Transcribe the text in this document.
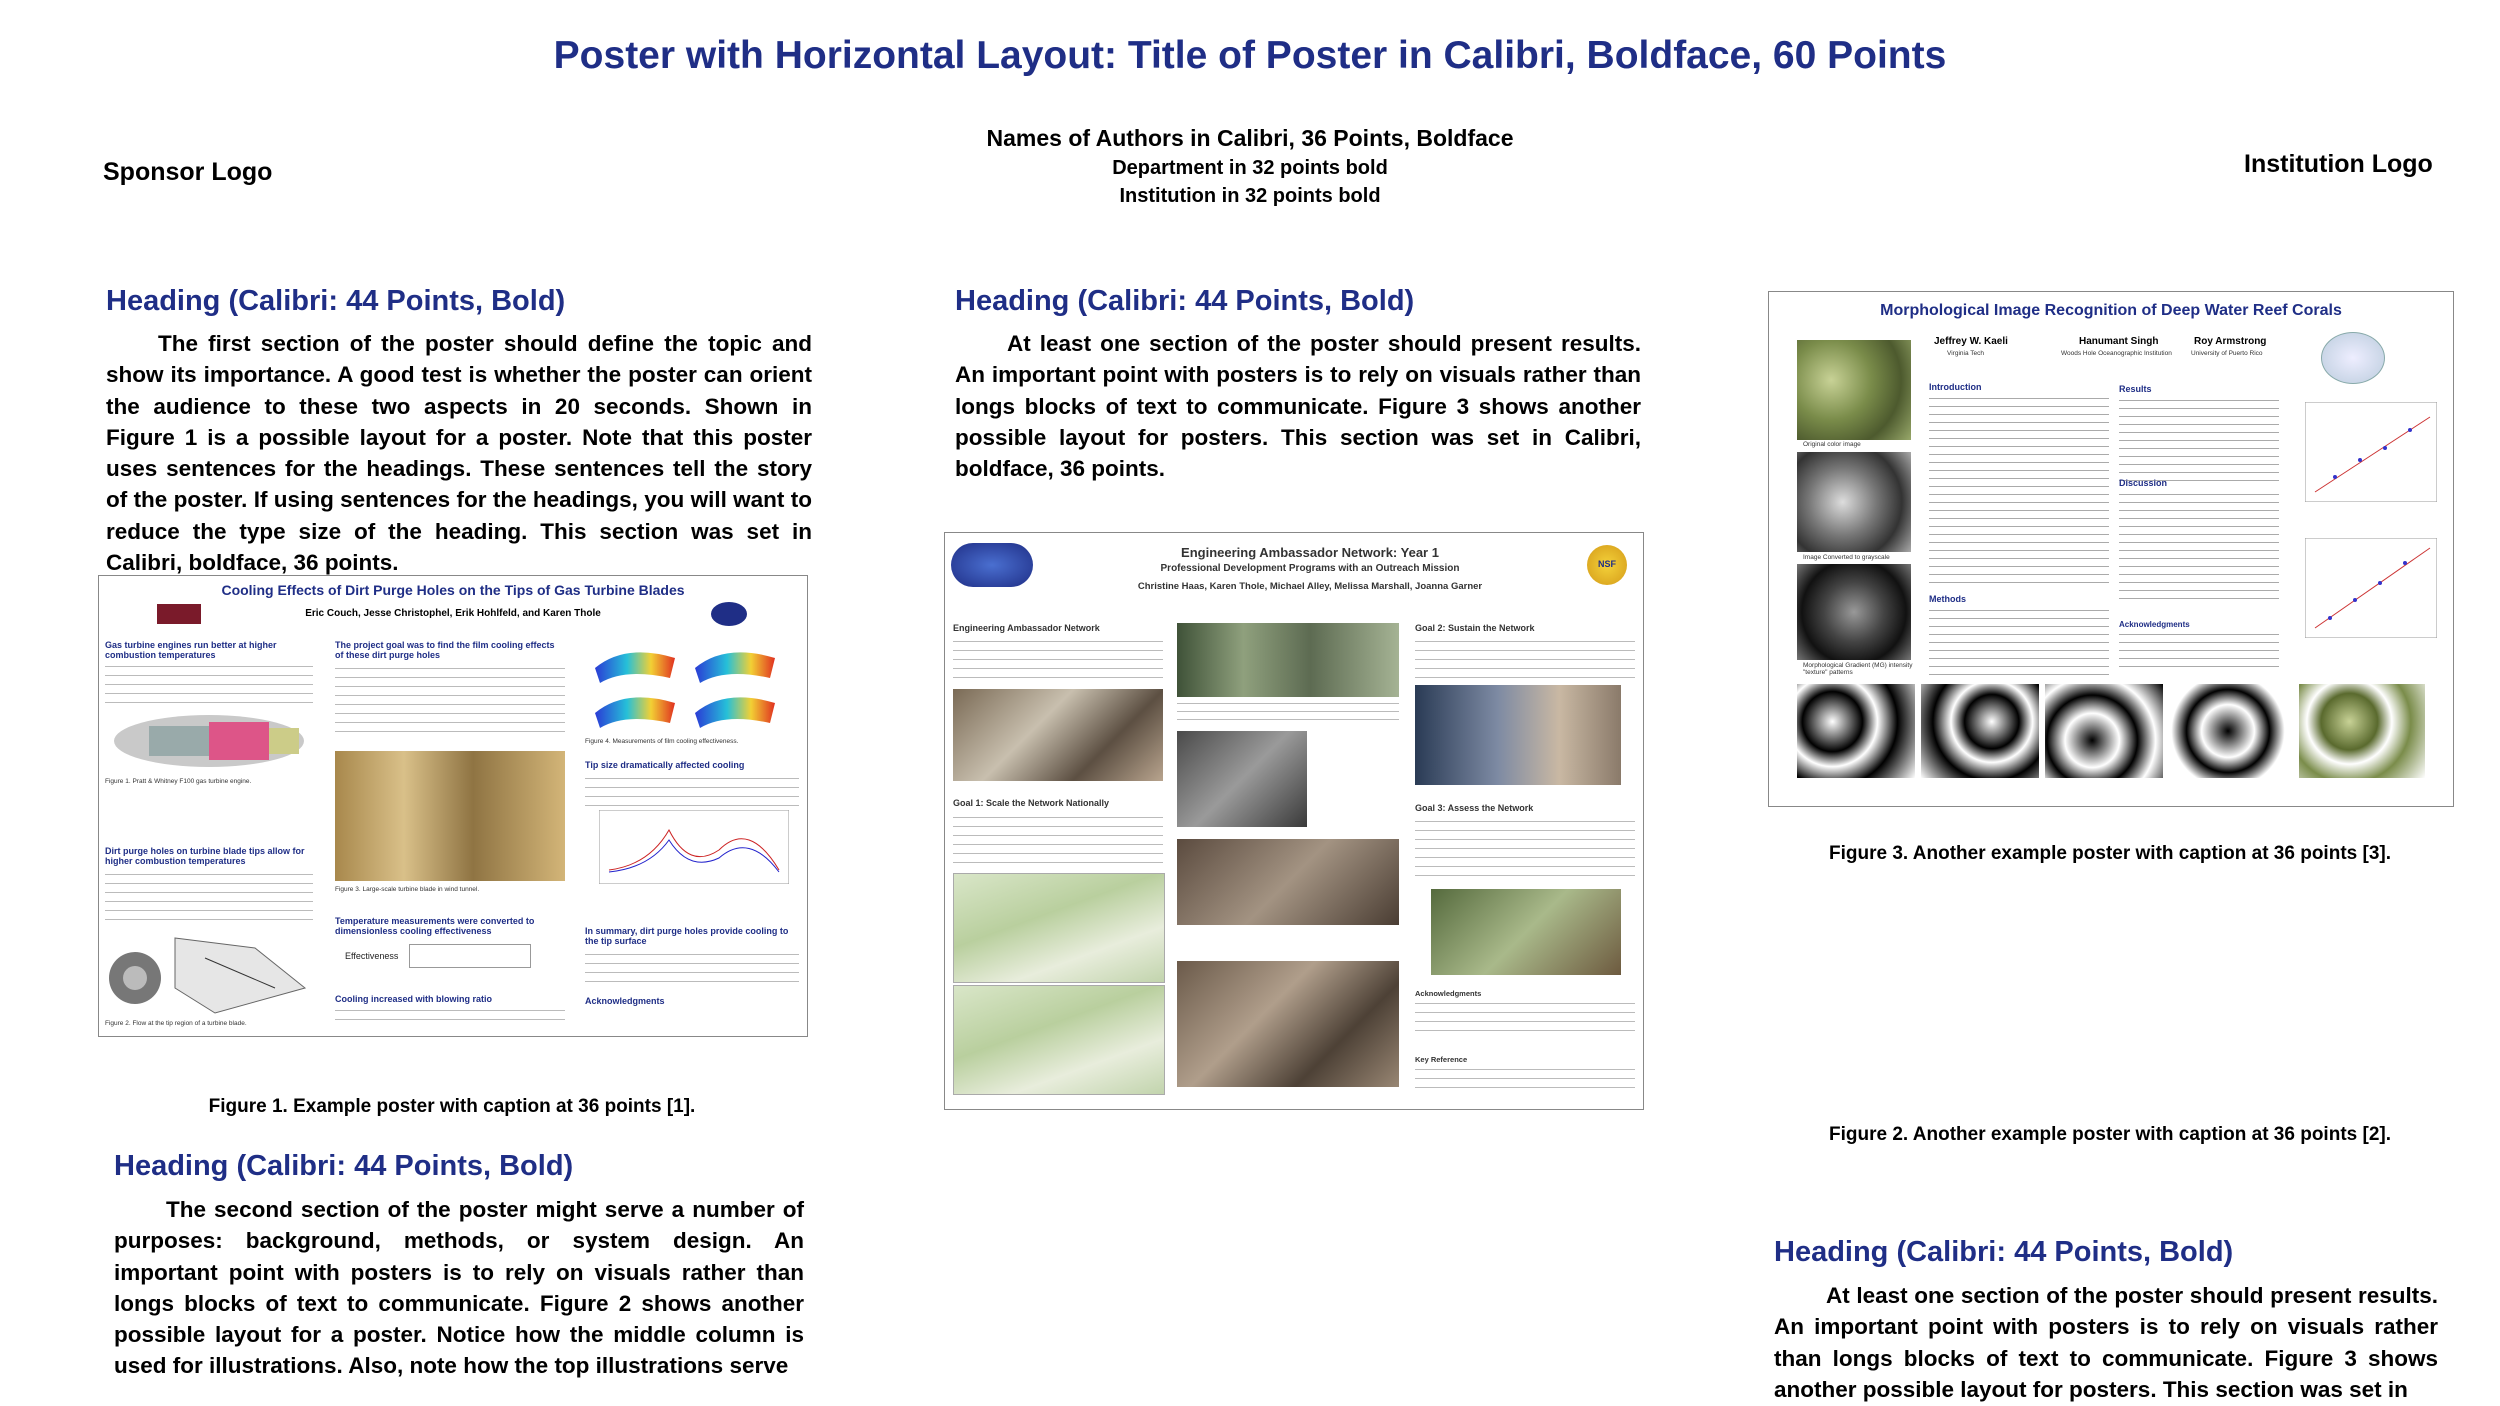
Poster with Horizontal Layout: Title of Poster in Calibri, Boldface, 60 Points
Sponsor Logo	Institution Logo
Names of Authors in Calibri, 36 Points, Boldface
Department in 32 points bold
Institution in 32 points bold
Heading (Calibri: 44 Points, Bold)
The first section of the poster should define the topic and show its importance. A good test is whether the poster can orient the audience to these two aspects in 20 seconds. Shown in Figure 1 is a possible layout for a poster. Note that this poster uses sentences for the headings. These sentences tell the story of the poster. If using sentences for the headings, you will want to reduce the type size of the heading. This section was set in Calibri, boldface, 36 points.
Cooling Effects of Dirt Purge Holes on the Tips of Gas Turbine Blades
Eric Couch, Jesse Christophel, Erik Hohlfeld, and Karen Thole
Gas turbine engines run better at higher combustion temperatures
Figure 1. Pratt & Whitney F100 gas turbine engine.
Dirt purge holes on turbine blade tips allow for higher combustion temperatures
Figure 2. Flow at the tip region of a turbine blade.
The project goal was to find the film cooling effects of these dirt purge holes
Figure 3. Large-scale turbine blade in wind tunnel.
Temperature measurements were converted to dimensionless cooling effectiveness
Effectiveness
Cooling increased with blowing ratio
Figure 4. Measurements of film cooling effectiveness.
Tip size dramatically affected cooling
In summary, dirt purge holes provide cooling to the tip surface
Acknowledgments
Figure 1. Example poster with caption at 36 points [1].
Heading (Calibri: 44 Points, Bold)
The second section of the poster might serve a number of purposes: background, methods, or system design. An important point with posters is to rely on visuals rather than longs blocks of text to communicate. Figure 2 shows another possible layout for a poster. Notice how the middle column is used for illustrations. Also, note how the top illustrations serve
Heading (Calibri: 44 Points, Bold)
At least one section of the poster should present results. An important point with posters is to rely on visuals rather than longs blocks of text to communicate. Figure 3 shows another possible layout for posters. This section was set in Calibri, boldface, 36 points.
NSF
Engineering Ambassador Network: Year 1
Professional Development Programs with an Outreach Mission
Christine Haas, Karen Thole, Michael Alley, Melissa Marshall, Joanna Garner
Engineering Ambassador Network
Goal 1: Scale the Network Nationally
Goal 2: Sustain the Network
Goal 3: Assess the Network
Acknowledgments
Key Reference
Morphological Image Recognition of Deep Water Reef Corals
Jeffrey W. Kaeli
Virginia Tech
Hanumant Singh
Woods Hole Oceanographic Institution
Roy Armstrong
University of Puerto Rico
Original color image
Image Converted to grayscale
Morphological Gradient (MG) intensity "texture" patterns
Introduction
Methods
Results
Discussion
Acknowledgments
Figure 3. Another example poster with caption at 36 points [3].
Figure 2. Another example poster with caption at 36 points [2].
Heading (Calibri: 44 Points, Bold)
At least one section of the poster should present results. An important point with posters is to rely on visuals rather than longs blocks of text to communicate. Figure 3 shows another possible layout for posters. This section was set in
